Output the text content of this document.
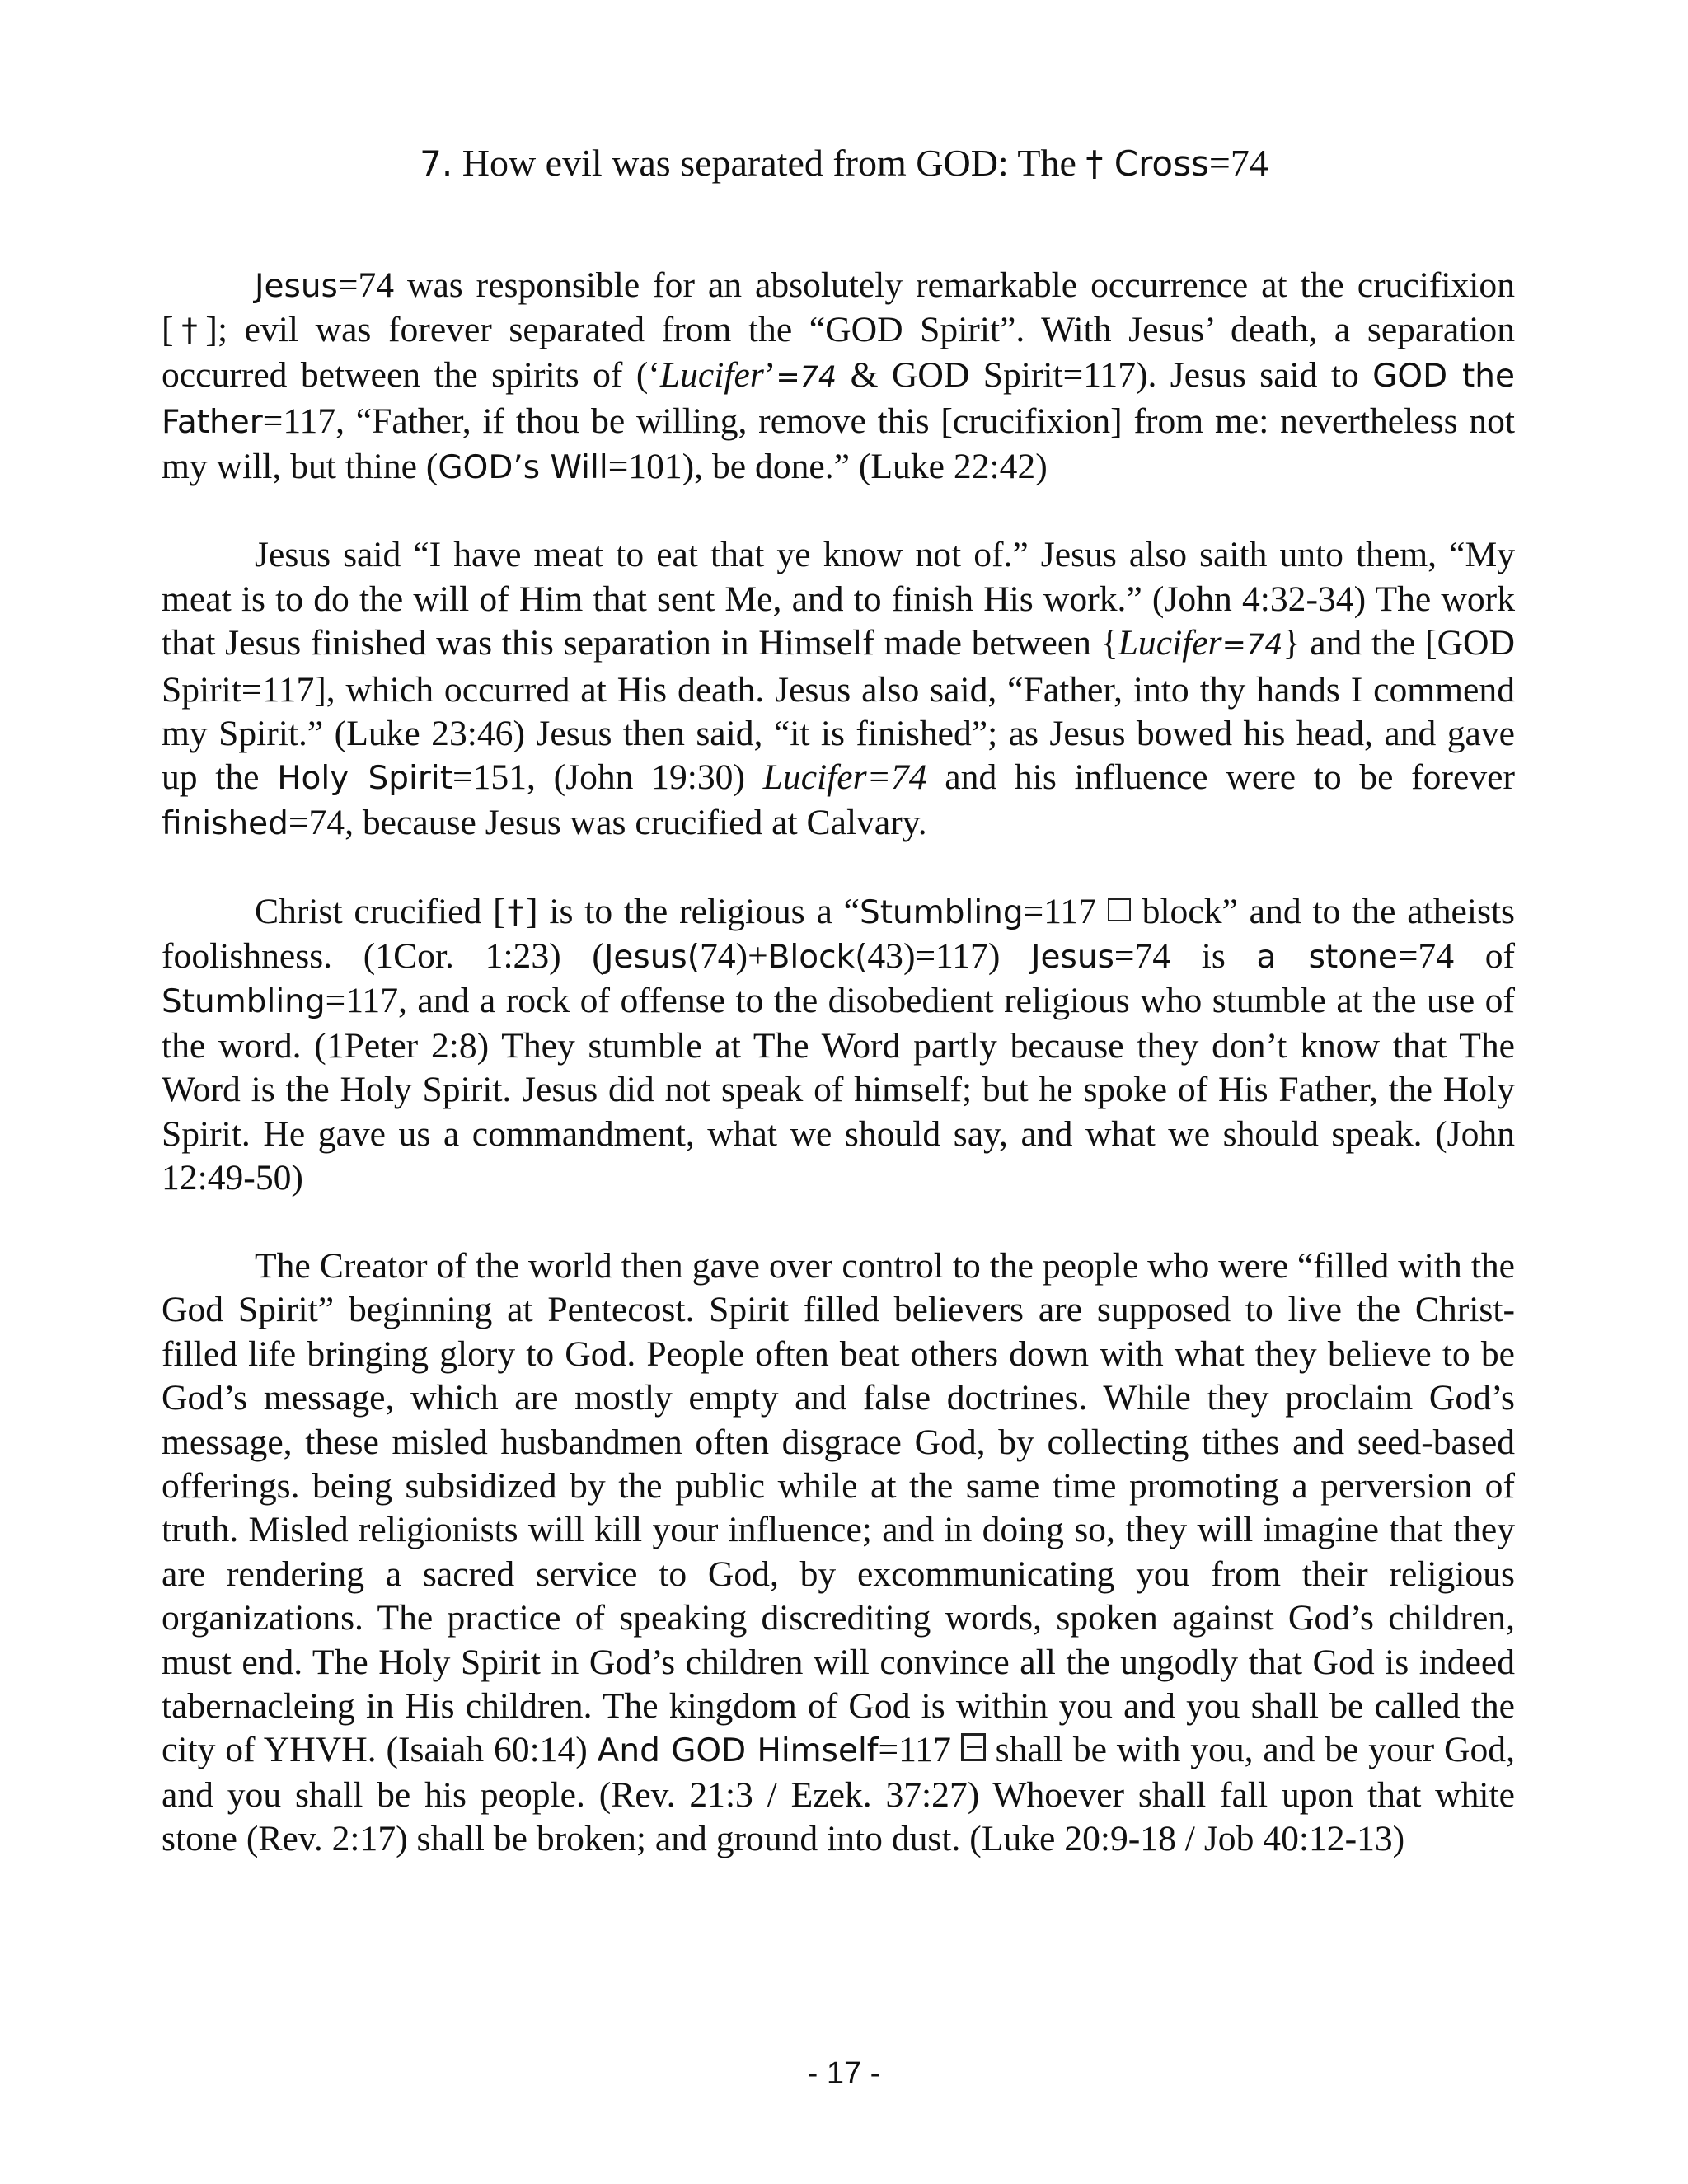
7. How evil was separated from GOD: The † Cross=74

Jesus=74 was responsible for an absolutely remarkable occurrence at the crucifixion [†]; evil was forever separated from the “GOD Spirit”. With Jesus’ death, a separation occurred between the spirits of (‘Lucifer’=74 & GOD Spirit=117). Jesus said to GOD the Father=117, “Father, if thou be willing, remove this [crucifixion] from me: nevertheless not my will, but thine (GOD’s Will=101), be done.” (Luke 22:42)

Jesus said “I have meat to eat that ye know not of.” Jesus also saith unto them, “My meat is to do the will of Him that sent Me, and to finish His work.” (John 4:32-34) The work that Jesus finished was this separation in Himself made between {Lucifer=74} and the [GOD Spirit=117], which occurred at His death. Jesus also said, “Father, into thy hands I commend my Spirit.” (Luke 23:46) Jesus then said, “it is finished”; as Jesus bowed his head, and gave up the Holy Spirit=151, (John 19:30) Lucifer=74 and his influence were to be forever finished=74, because Jesus was crucified at Calvary.

Christ crucified [†] is to the religious a “Stumbling=117  block” and to the atheists foolishness. (1Cor. 1:23) (Jesus(74)+Block(43)=117) Jesus=74 is a stone=74 of Stumbling=117, and a rock of offense to the disobedient religious who stumble at the use of the word. (1Peter 2:8) They stumble at The Word partly because they don’t know that The Word is the Holy Spirit. Jesus did not speak of himself; but he spoke of His Father, the Holy Spirit. He gave us a commandment, what we should say, and what we should speak. (John 12:49-50)

The Creator of the world then gave over control to the people who were “filled with the God Spirit” beginning at Pentecost. Spirit filled believers are supposed to live the Christ-filled life bringing glory to God. People often beat others down with what they believe to be God’s message, which are mostly empty and false doctrines. While they proclaim God’s message, these misled husbandmen often disgrace God, by collecting tithes and seed-based offerings. being subsidized by the public while at the same time promoting a perversion of truth. Misled religionists will kill your influence; and in doing so, they will imagine that they are rendering a sacred service to God, by excommunicating you from their religious organizations. The practice of speaking discrediting words, spoken against God’s children, must end. The Holy Spirit in God’s children will convince all the ungodly that God is indeed tabernacleing in His children. The kingdom of God is within you and you shall be called the city of YHVH. (Isaiah 60:14) And GOD Himself=117  shall be with you, and be your God, and you shall be his people. (Rev. 21:3 / Ezek. 37:27) Whoever shall fall upon that white stone (Rev. 2:17) shall be broken; and ground into dust. (Luke 20:9-18 / Job 40:12-13)

- 17 -
